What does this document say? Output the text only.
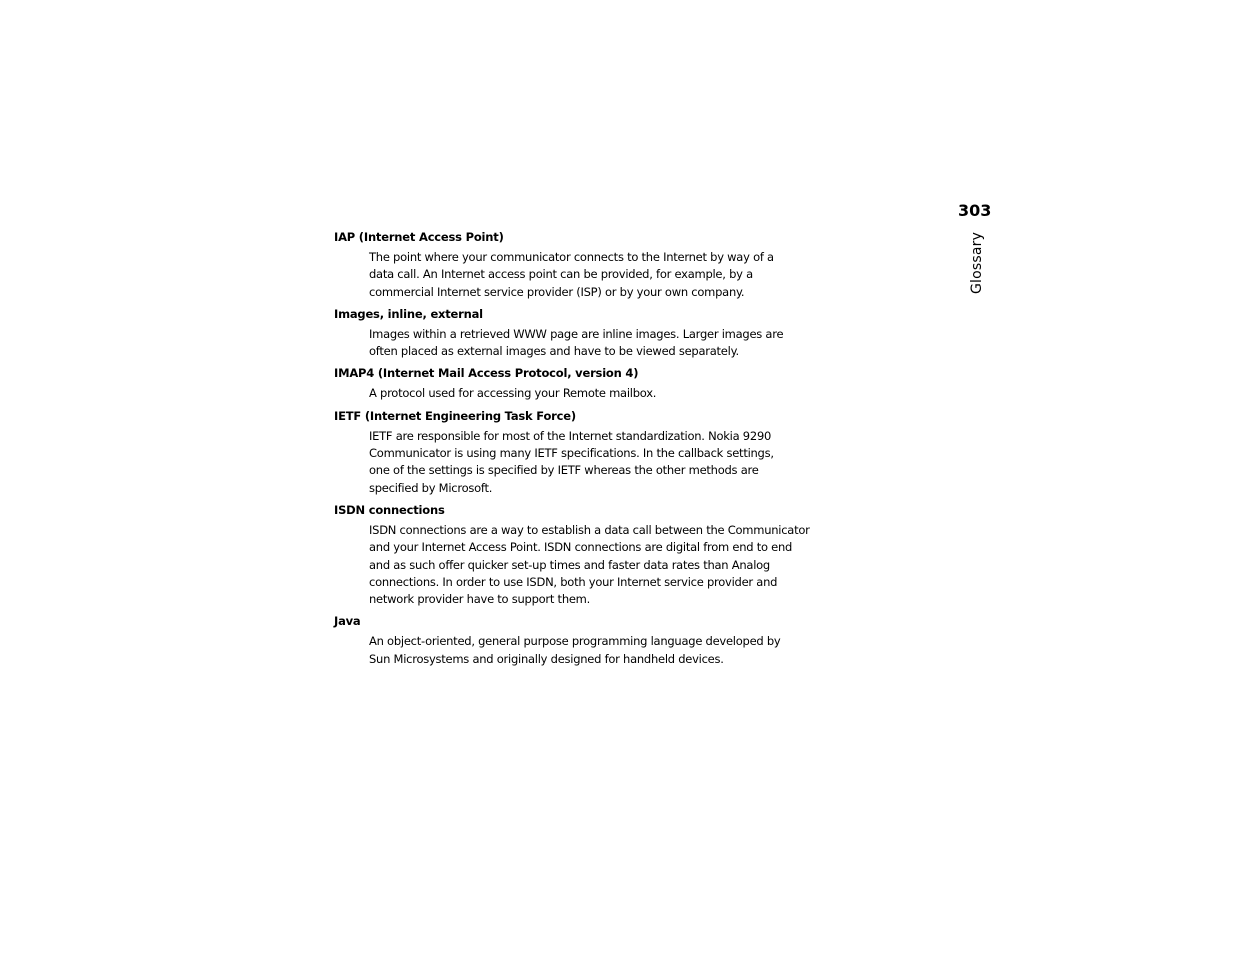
303
Glossary

IAP (Internet Access Point)

The point where your communicator connects to the Internet by way of a
data call. An Internet access point can be provided, for example, by a
commercial Internet service provider (ISP) or by your own company.

Images, inline, external

Images within a retrieved WWW page are inline images. Larger images are
often placed as external images and have to be viewed separately.

IMAP4 (Internet Mail Access Protocol, version 4)

A protocol used for accessing your Remote mailbox.

IETF (Internet Engineering Task Force)

IETF are responsible for most of the Internet standardization. Nokia 9290
Communicator is using many IETF specifications. In the callback settings,
one of the settings is specified by IETF whereas the other methods are
specified by Microsoft.

ISDN connections

ISDN connections are a way to establish a data call between the Communicator
and your Internet Access Point. ISDN connections are digital from end to end
and as such offer quicker set-up times and faster data rates than Analog
connections. In order to use ISDN, both your Internet service provider and
network provider have to support them.

Java

An object-oriented, general purpose programming language developed by
Sun Microsystems and originally designed for handheld devices.
